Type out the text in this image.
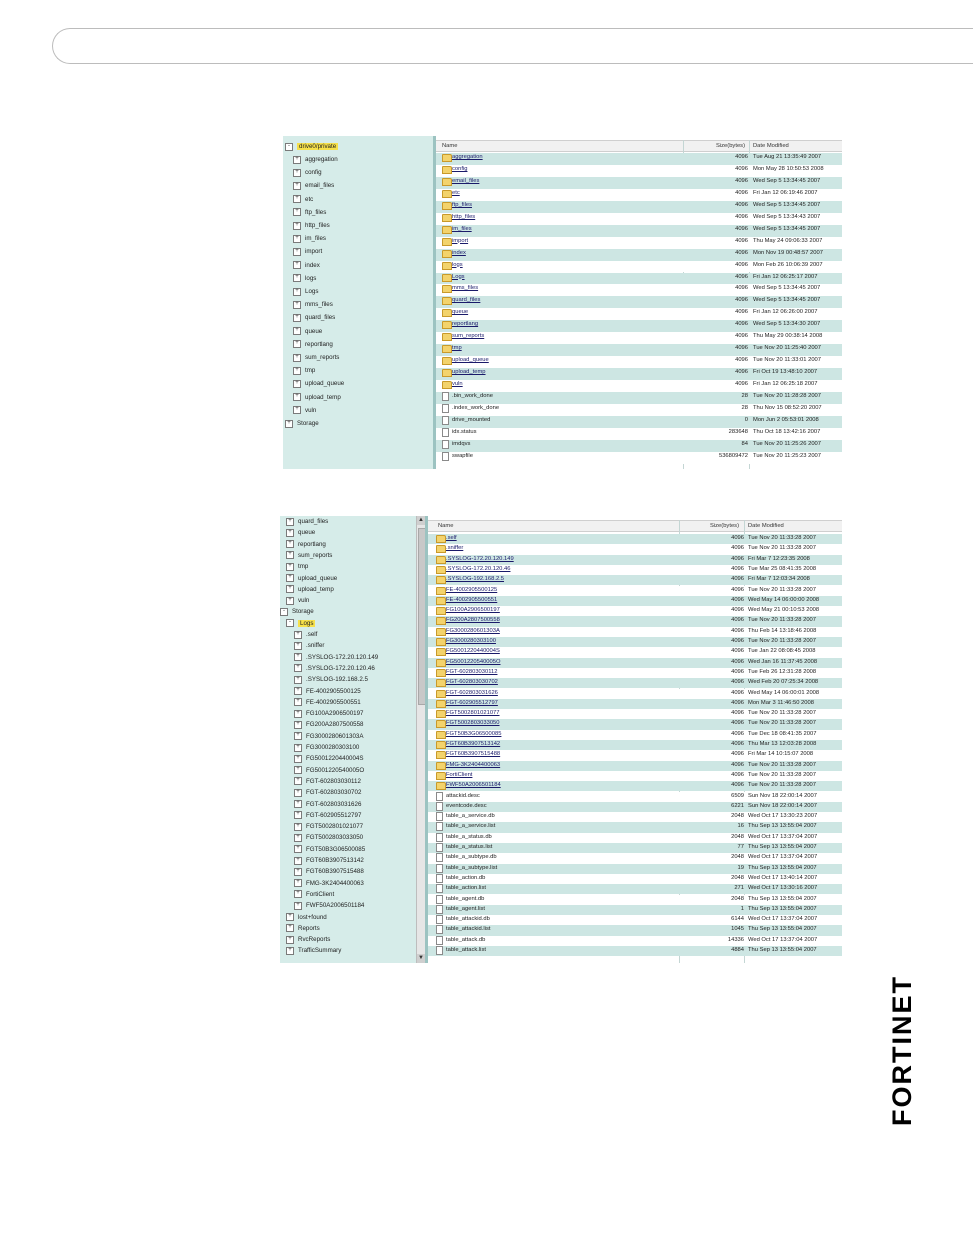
- drive0/private
+ aggregation
+ config
+ email_files
+ etc
+ ftp_files
+ http_files
+ im_files
+ import
+ index
+ logs
+ Logs
+ mms_files
+ quard_files
+ queue
+ reportlang
+ sum_reports
+ tmp
+ upload_queue
+ upload_temp
+ vuln
+ Storage
Name	Size(bytes) Date Modified
aggregation	4096 Tue Aug 21 13:35:49 2007
config	4096 Mon May 28 10:50:53 2008
email_files	4096 Wed Sep 5 13:34:45 2007
etc	4096 Fri Jan 12 06:19:46 2007
ftp_files	4096 Wed Sep 5 13:34:45 2007
http_files	4096 Wed Sep 5 13:34:43 2007
im_files	4096 Wed Sep 5 13:34:45 2007
import	4096 Thu May 24 09:06:33 2007
index	4096 Mon Nov 19 00:48:57 2007
logs	4096 Mon Feb 26 10:06:39 2007
Logs	4096 Fri Jan 12 06:25:17 2007
mms_files	4096 Wed Sep 5 13:34:45 2007
quard_files	4096 Wed Sep 5 13:34:45 2007
queue	4096 Fri Jan 12 06:26:00 2007
reportlang	4096 Wed Sep 5 13:34:30 2007
sum_reports	4096 Thu May 29 00:38:14 2008
tmp	4096 Tue Nov 20 11:25:40 2007
upload_queue	4096 Tue Nov 20 11:33:01 2007
upload_temp	4096 Fri Oct 19 13:48:10 2007
vuln	4096 Fri Jan 12 06:25:18 2007
.bin_work_done	28 Tue Nov 20 11:28:28 2007
.index_work_done	28 Thu Nov 15 08:52:20 2007
drive_mounted	0 Mon Jun 2 05:53:01 2008
idx.status	283648 Thu Oct 18 13:42:16 2007
imdqvs	84 Tue Nov 20 11:25:26 2007
swapfile	536809472 Tue Nov 20 11:25:23 2007
▲
▼
+ quard_files
+ queue
+ reportlang
+ sum_reports
+ tmp
+ upload_queue
+ upload_temp
+ vuln
- Storage
- Logs
+ .self
+ .sniffer
+ .SYSLOG-172.20.120.149
+ .SYSLOG-172.20.120.46
+ .SYSLOG-192.168.2.5
+ FE-4002905500125
+ FE-4002905500551
+ FG100A2906500197
+ FG200A2807500558
+ FG3000280601303A
+ FG3000280303100
+ FG5001220440004S
+ FG5001220540005O
+ FGT-602803030112
+ FGT-602803030702
+ FGT-602803031626
+ FGT-602905512797
+ FGT5002801021077
+ FGT5002803033050
+ FGT50B3G06500085
+ FGT60B3907513142
+ FGT60B3907515488
+ FMG-3K2404400063
+ FortiClient
+ FWF50A2006501184
+ lost+found
+ Reports
+ RvcReports
+ TrafficSummary
Name	Size(bytes) Date Modified
.self	4096 Tue Nov 20 11:33:28 2007
.sniffer	4096 Tue Nov 20 11:33:28 2007
.SYSLOG-172.20.120.149	4096 Fri Mar 7 12:23:35 2008
.SYSLOG-172.20.120.46	4096 Tue Mar 25 08:41:35 2008
.SYSLOG-192.168.2.5	4096 Fri Mar 7 12:03:34 2008
FE-4002905500125	4096 Tue Nov 20 11:33:28 2007
FE-4002905500551	4096 Wed May 14 06:00:00 2008
FG100A2906500197	4096 Wed May 21 00:10:53 2008
FG200A2807500558	4096 Tue Nov 20 11:33:28 2007
FG3000280601303A	4096 Thu Feb 14 13:18:46 2008
FG3000280303100	4096 Tue Nov 20 11:33:28 2007
FG5001220440004S	4096 Tue Jan 22 08:08:45 2008
FG5001220540005O	4096 Wed Jan 16 11:37:45 2008
FGT-602803030112	4096 Tue Feb 26 12:31:28 2008
FGT-602803030702	4096 Wed Feb 20 07:25:34 2008
FGT-602803031626	4096 Wed May 14 06:00:01 2008
FGT-602905512797	4096 Mon Mar 3 11:46:50 2008
FGT5002801021077	4096 Tue Nov 20 11:33:28 2007
FGT5002803033050	4096 Tue Nov 20 11:33:28 2007
FGT50B3G06500085	4096 Tue Dec 18 08:41:35 2007
FGT60B3907513142	4096 Thu Mar 13 12:03:28 2008
FGT60B3907515488	4096 Fri Mar 14 10:15:07 2008
FMG-3K2404400063	4096 Tue Nov 20 11:33:28 2007
FortiClient	4096 Tue Nov 20 11:33:28 2007
FWF50A2006501184	4096 Tue Nov 20 11:33:28 2007
attackid.desc	6509 Sun Nov 18 22:00:14 2007
eventcode.desc	6221 Sun Nov 18 22:00:14 2007
table_a_service.db	2048 Wed Oct 17 13:30:23 2007
table_a_service.list	16 Thu Sep 13 13:55:04 2007
table_a_status.db	2048 Wed Oct 17 13:37:04 2007
table_a_status.list	77 Thu Sep 13 13:55:04 2007
table_a_subtype.db	2048 Wed Oct 17 13:37:04 2007
table_a_subtype.list	19 Thu Sep 13 13:55:04 2007
table_action.db	2048 Wed Oct 17 13:40:14 2007
table_action.list	271 Wed Oct 17 13:30:16 2007
table_agent.db	2048 Thu Sep 13 13:55:04 2007
table_agent.list	1 Thu Sep 13 13:55:04 2007
table_attackid.db	6144 Wed Oct 17 13:37:04 2007
table_attackid.list	1045 Thu Sep 13 13:55:04 2007
table_attack.db	14336 Wed Oct 17 13:37:04 2007
table_attack.list	4884 Thu Sep 13 13:55:04 2007
FORTINET
